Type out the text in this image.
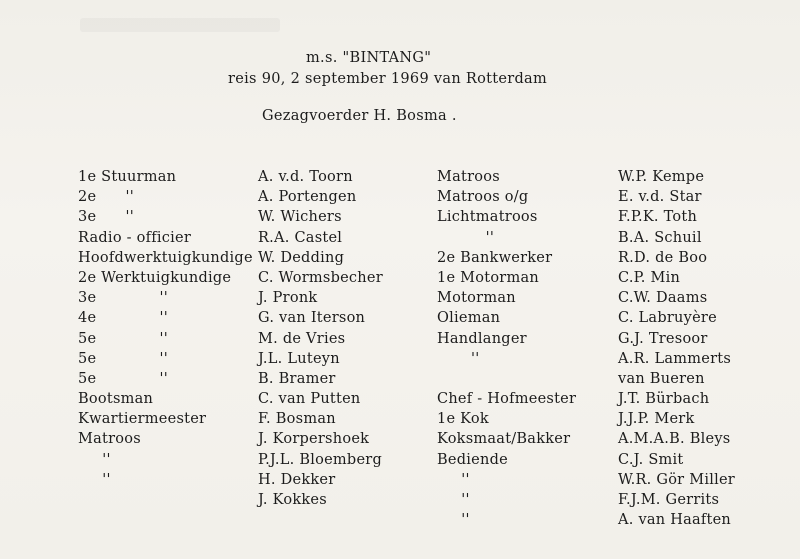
m.s. "BINTANG"
reis 90, 2 september 1969 van Rotterdam
Gezagvoerder H. Bosma .
1e Stuurman
2e      ''
3e      ''
Radio - officier
Hoofdwerktuigkundige
2e Werktuigkundige
3e             ''
4e             ''
5e             ''
5e             ''
5e             ''
Bootsman
Kwartiermeester
Matroos
''
''
A. v.d. Toorn
A. Portengen
W. Wichers
R.A. Castel
W. Dedding
C. Wormsbecher
J. Pronk
G. van Iterson
M. de Vries
J.L. Luteyn
B. Bramer
C. van Putten
F. Bosman
J. Korpershoek
P.J.L. Bloemberg
H. Dekker
J. Kokkes
Matroos
Matroos o/g
Lichtmatroos
''
2e Bankwerker
1e Motorman
Motorman
Olieman
Handlanger
''
Chef - Hofmeester
1e Kok
Koksmaat/Bakker
Bediende
''
''
''
W.P. Kempe
E. v.d. Star
F.P.K. Toth
B.A. Schuil
R.D. de Boo
C.P. Min
C.W. Daams
C. Labruyère
G.J. Tresoor
A.R. Lammerts
van Bueren
J.T. Bürbach
J.J.P. Merk
A.M.A.B. Bleys
C.J. Smit
W.R. Gör Miller
F.J.M. Gerrits
A. van Haaften
